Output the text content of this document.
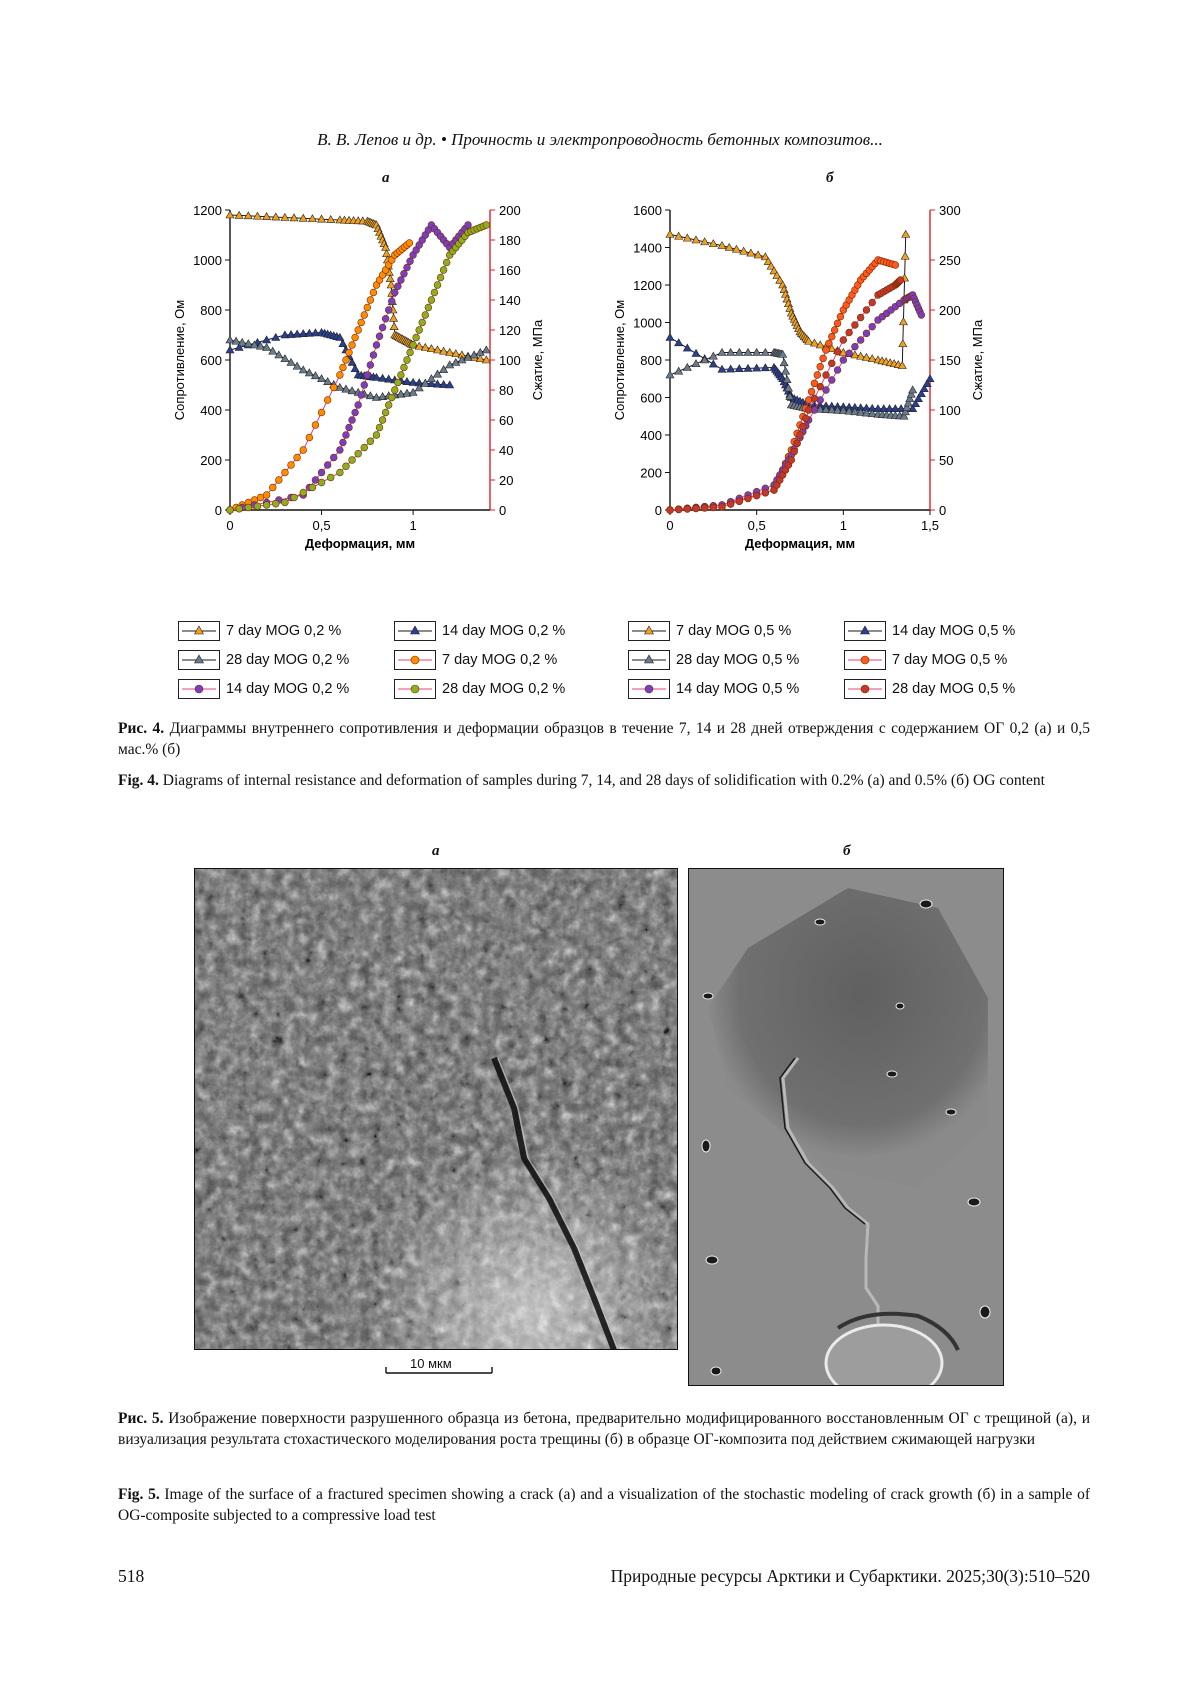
В. В. Лепов и др. • Прочность и электропроводность бетонных композитов...
а	б
0
200
400
600
800
1000
1200
0
20
40
60
80
100
120
140
160
180
200
0	0,5	1
Сопротивление, Ом	Сжатие, МПа
Деформация, мм
0
200
400
600
800
1000
1200
1400
1600
0
50
100
150
200
250
300
0	0,5	1	1,5
Сопротивление, Ом	Сжатие, МПа
Деформация, мм
7 day MOG 0,2 %	14 day MOG 0,2 %
28 day MOG 0,2 %	7 day MOG 0,2 %
14 day MOG 0,2 %	28 day MOG 0,2 %
7 day MOG 0,5 %	14 day MOG 0,5 %
28 day MOG 0,5 %	7 day MOG 0,5 %
14 day MOG 0,5 %	28 day MOG 0,5 %
Рис. 4. Диаграммы внутреннего сопротивления и деформации образцов в течение 7, 14 и 28 дней отверждения с содержанием ОГ 0,2 (а) и 0,5 мас.% (б)
Fig. 4. Diagrams of internal resistance and deformation of samples during 7, 14, and 28 days of solidification with 0.2% (а) and 0.5% (б) OG content
а	б
10 мкм
Рис. 5. Изображение поверхности разрушенного образца из бетона, предварительно модифицированного восстановленным ОГ с трещиной (а), и визуализация результата стохастического моделирования роста трещины (б) в образце ОГ-композита под действием сжимающей нагрузки
Fig. 5. Image of the surface of a fractured specimen showing a crack (а) and a visualization of the stochastic modeling of crack growth (б) in a sample of OG-composite subjected to a compressive load test
518	Природные ресурсы Арктики и Субарктики. 2025;30(3):510–520
